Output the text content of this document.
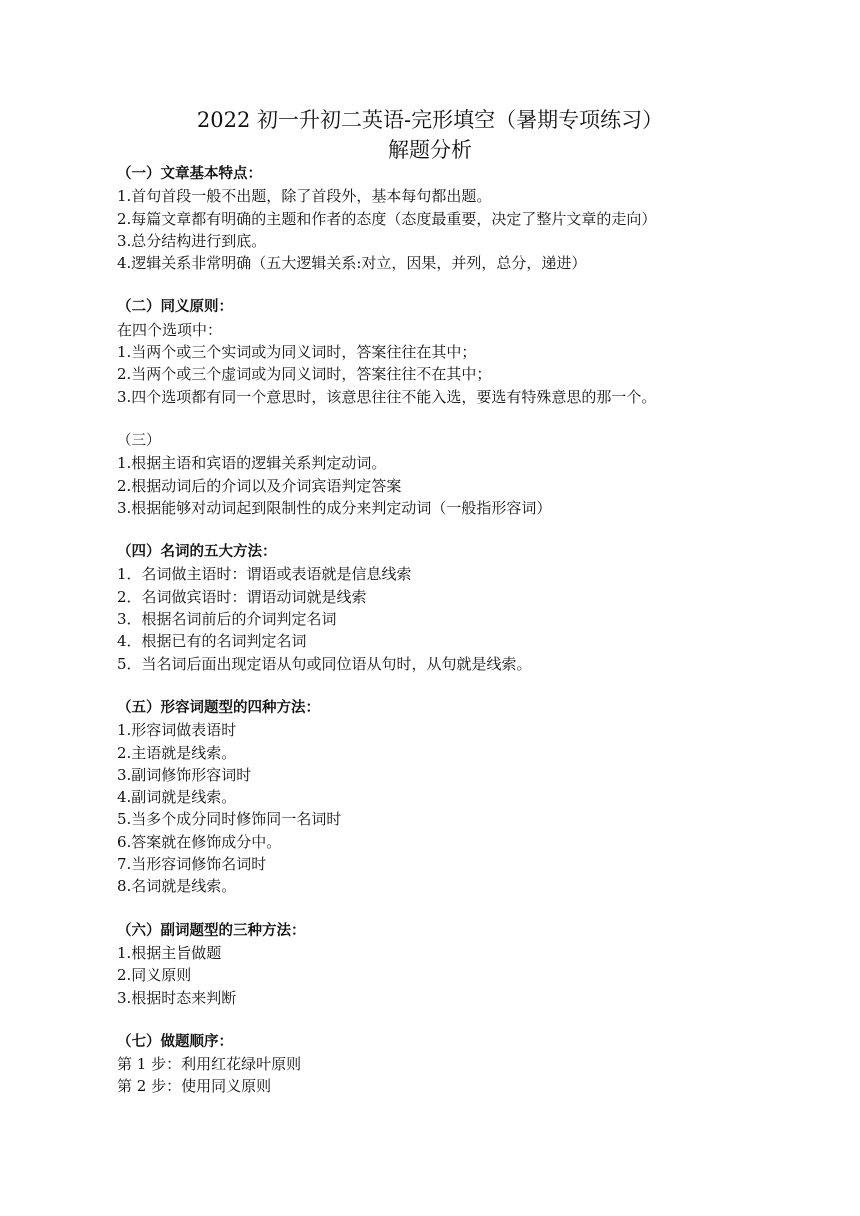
2022 初一升初二英语-完形填空（暑期专项练习）
解题分析
（一）文章基本特点：
1.首句首段一般不出题，除了首段外，基本每句都出题。
2.每篇文章都有明确的主题和作者的态度（态度最重要，决定了整片文章的走向）
3.总分结构进行到底。
4.逻辑关系非常明确（五大逻辑关系:对立，因果，并列，总分，递进）
（二）同义原则：
在四个选项中：
1.当两个或三个实词或为同义词时，答案往往在其中；
2.当两个或三个虚词或为同义词时，答案往往不在其中；
3.四个选项都有同一个意思时，该意思往往不能入选，要选有特殊意思的那一个。
（三）
1.根据主语和宾语的逻辑关系判定动词。
2.根据动词后的介词以及介词宾语判定答案
3.根据能够对动词起到限制性的成分来判定动词（一般指形容词）
（四）名词的五大方法：
1．名词做主语时：谓语或表语就是信息线索
2．名词做宾语时：谓语动词就是线索
3．根据名词前后的介词判定名词
4．根据已有的名词判定名词
5．当名词后面出现定语从句或同位语从句时，从句就是线索。
（五）形容词题型的四种方法：
1.形容词做表语时
2.主语就是线索。
3.副词修饰形容词时
4.副词就是线索。
5.当多个成分同时修饰同一名词时
6.答案就在修饰成分中。
7.当形容词修饰名词时
8.名词就是线索。
（六）副词题型的三种方法：
1.根据主旨做题
2.同义原则
3.根据时态来判断
（七）做题顺序：
第 1 步：利用红花绿叶原则
第 2 步：使用同义原则
